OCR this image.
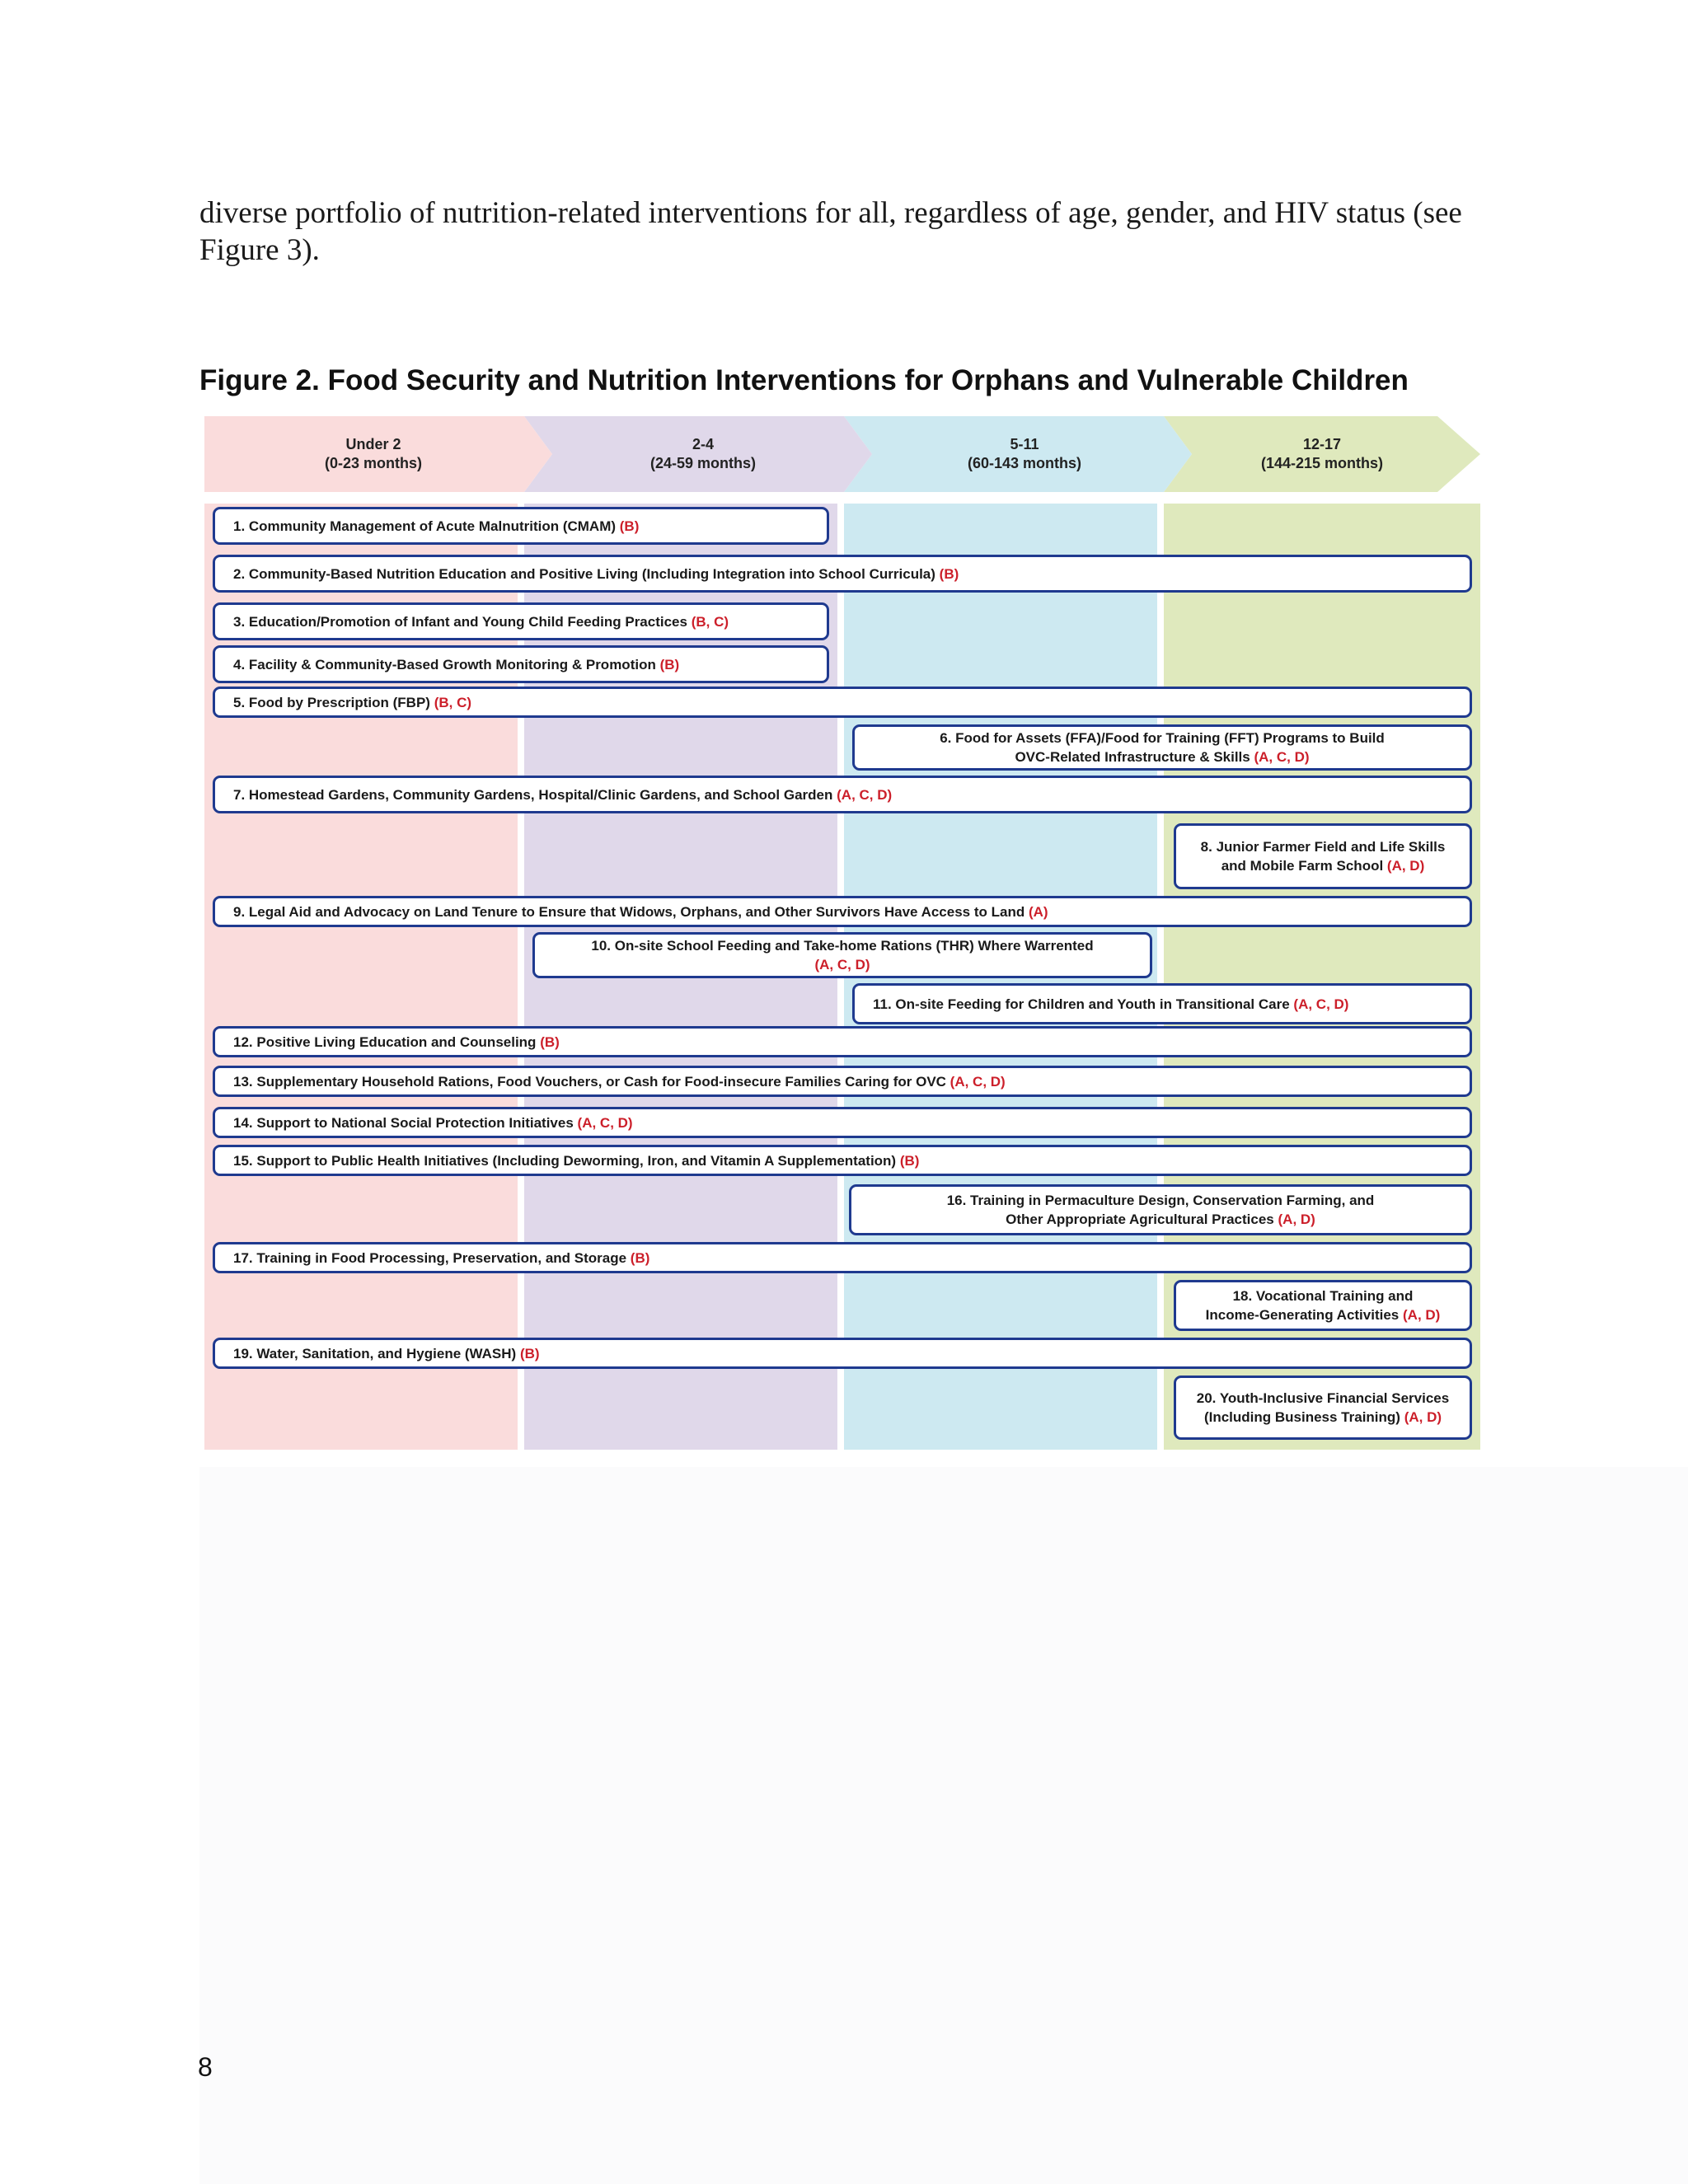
diverse portfolio of nutrition-related interventions for all, regardless of age, gender, and HIV status (see Figure 3).

Figure 2. Food Security and Nutrition Interventions for Orphans and Vulnerable Children

Under 2
(0-23 months)
2-4
(24-59 months)
5-11
(60-143 months)
12-17
(144-215 months)
1. Community Management of Acute Malnutrition (CMAM) (B)
2. Community-Based Nutrition Education and Positive Living (Including Integration into School Curricula) (B)
3. Education/Promotion of Infant and Young Child Feeding Practices (B, C)
4. Facility & Community-Based Growth Monitoring & Promotion (B)
5. Food by Prescription (FBP) (B, C)
6. Food for Assets (FFA)/Food for Training (FFT) Programs to Build
OVC-Related Infrastructure & Skills (A, C, D)
7. Homestead Gardens, Community Gardens, Hospital/Clinic Gardens, and School Garden (A, C, D)
8. Junior Farmer Field and Life Skills
and Mobile Farm School (A, D)
9. Legal Aid and Advocacy on Land Tenure to Ensure that Widows, Orphans, and Other Survivors Have Access to Land (A)
10. On-site School Feeding and Take-home Rations (THR) Where Warrented
(A, C, D)
11. On-site Feeding for Children and Youth in Transitional Care (A, C, D)
12. Positive Living Education and Counseling (B)
13. Supplementary Household Rations, Food Vouchers, or Cash for Food-insecure Families Caring for OVC (A, C, D)
14. Support to National Social Protection Initiatives (A, C, D)
15. Support to Public Health Initiatives (Including Deworming, Iron, and Vitamin A Supplementation) (B)
16. Training in Permaculture Design, Conservation Farming, and
Other Appropriate Agricultural Practices (A, D)
17. Training in Food Processing, Preservation, and Storage (B)
18. Vocational Training and
Income-Generating Activities (A, D)
19. Water, Sanitation, and Hygiene (WASH) (B)
20. Youth-Inclusive Financial Services
(Including Business Training) (A, D)

8
